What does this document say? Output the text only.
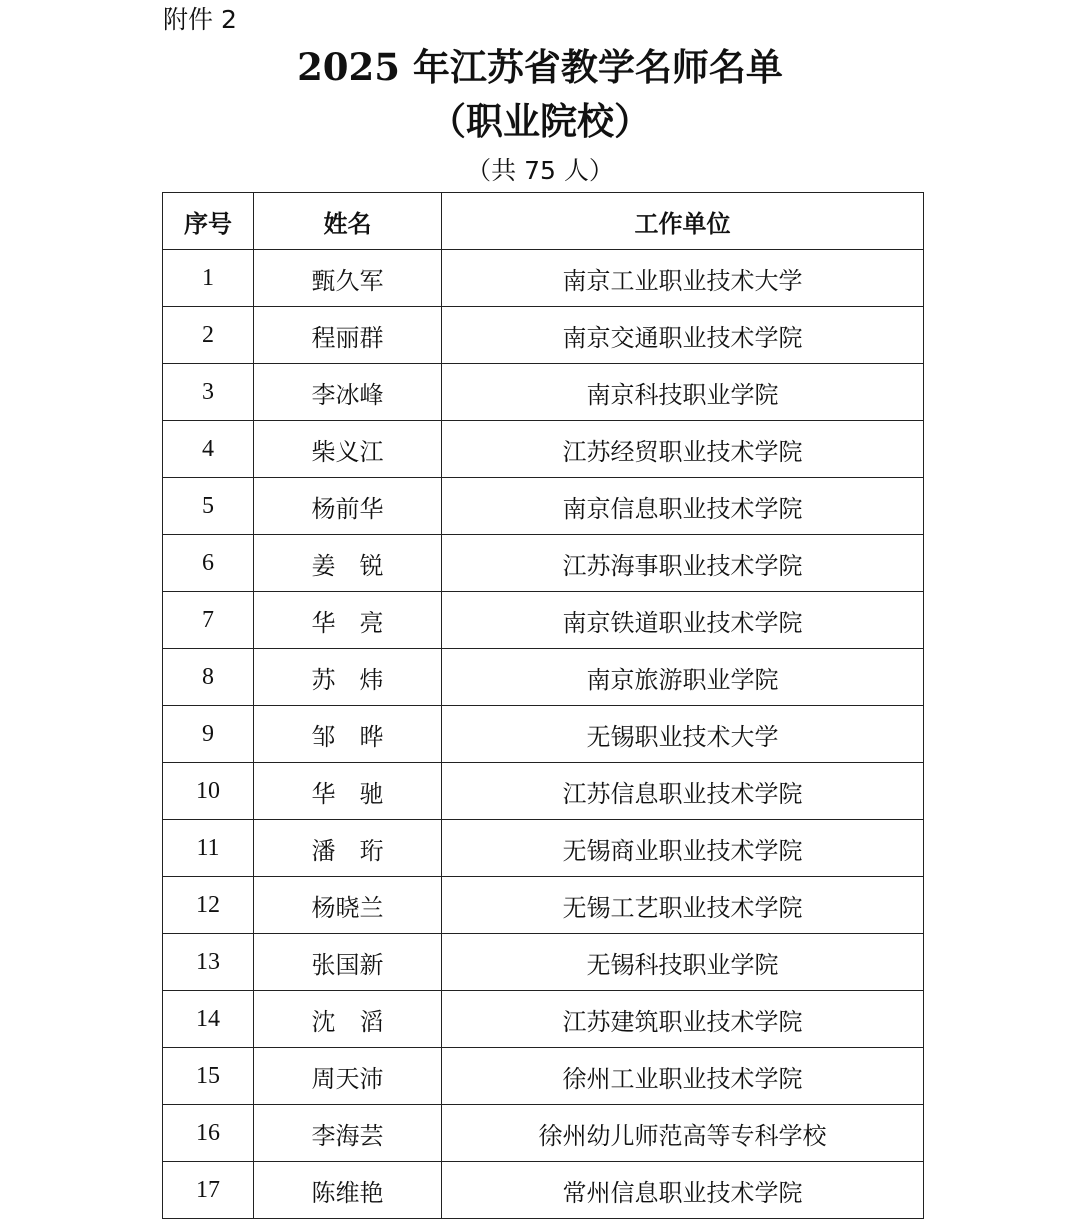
附件 2
2025 年江苏省教学名师名单
（职业院校）
（共 75 人）
序号	姓名	工作单位
1	甄久军	南京工业职业技术大学
2	程丽群	南京交通职业技术学院
3	李冰峰	南京科技职业学院
4	柴义江	江苏经贸职业技术学院
5	杨前华	南京信息职业技术学院
6	姜　锐	江苏海事职业技术学院
7	华　亮	南京铁道职业技术学院
8	苏　炜	南京旅游职业学院
9	邹　晔	无锡职业技术大学
10	华　驰	江苏信息职业技术学院
11	潘　珩	无锡商业职业技术学院
12	杨晓兰	无锡工艺职业技术学院
13	张国新	无锡科技职业学院
14	沈　滔	江苏建筑职业技术学院
15	周天沛	徐州工业职业技术学院
16	李海芸	徐州幼儿师范高等专科学校
17	陈维艳	常州信息职业技术学院
